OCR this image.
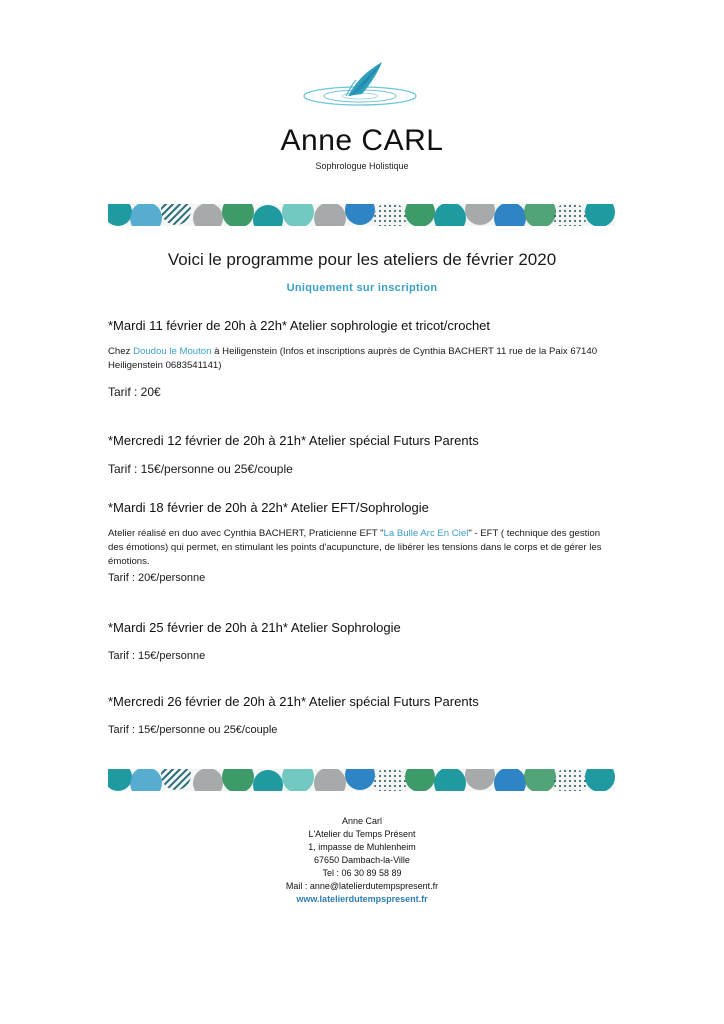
Anne CARL
Sophrologue Holistique
Voici le programme pour les ateliers de février 2020
Uniquement sur inscription
*Mardi 11 février de 20h à 22h* Atelier sophrologie et tricot/crochet
Chez Doudou le Mouton à Heiligenstein (Infos et inscriptions auprès de Cynthia BACHERT 11 rue de la Paix 67140 Heiligenstein 0683541141)
Tarif : 20€
*Mercredi 12 février de 20h à 21h* Atelier spécial Futurs Parents
Tarif : 15€/personne ou 25€/couple
*Mardi 18 février de 20h à 22h* Atelier EFT/Sophrologie
Atelier réalisé en duo avec Cynthia BACHERT, Praticienne EFT "La Bulle Arc En Ciel" - EFT ( technique des gestion des émotions) qui permet, en stimulant les points d'acupuncture, de libérer les tensions dans le corps et de gérer les émotions.
Tarif : 20€/personne
*Mardi 25 février de 20h à 21h* Atelier Sophrologie
Tarif : 15€/personne
*Mercredi 26 février de 20h à 21h* Atelier spécial Futurs Parents
Tarif : 15€/personne ou 25€/couple
Anne Carl
L'Atelier du Temps Présent
1, impasse de Muhlenheim
67650 Dambach-la-Ville
Tel : 06 30 89 58 89
Mail : anne@latelierdutempspresent.fr
www.latelierdutempspresent.fr
